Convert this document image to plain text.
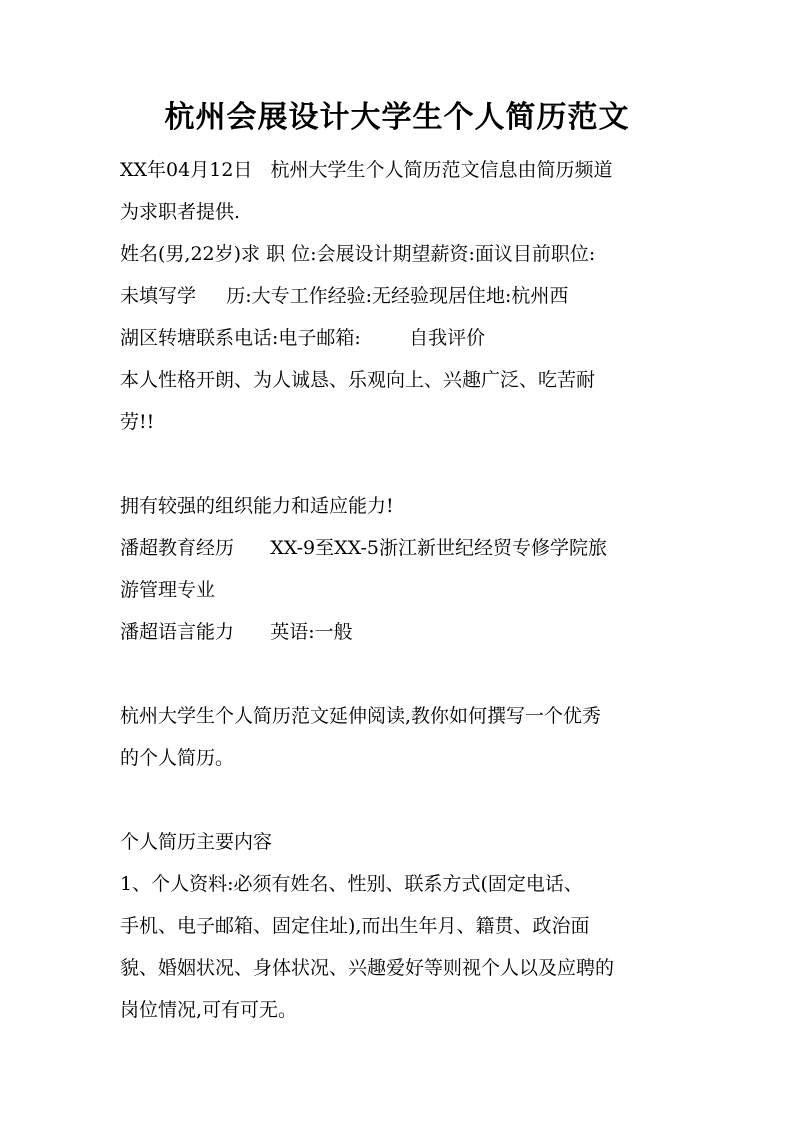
杭州会展设计大学生个人简历范文

XX年04月12日   杭州大学生个人简历范文信息由简历频道

为求职者提供.

姓名(男,22岁)求 职 位:会展设计期望薪资:面议目前职位:

未填写学     历:大专工作经验:无经验现居住地:杭州西

湖区转塘联系电话:电子邮箱:        自我评价

本人性格开朗、为人诚恳、乐观向上、兴趣广泛、吃苦耐

劳!!

拥有较强的组织能力和适应能力!

潘超教育经历      XX-9至XX-5浙江新世纪经贸专修学院旅

游管理专业

潘超语言能力      英语:一般

杭州大学生个人简历范文延伸阅读,教你如何撰写一个优秀

的个人简历。

个人简历主要内容

1、个人资料:必须有姓名、性别、联系方式(固定电话、

手机、电子邮箱、固定住址),而出生年月、籍贯、政治面

貌、婚姻状况、身体状况、兴趣爱好等则视个人以及应聘的

岗位情况,可有可无。
